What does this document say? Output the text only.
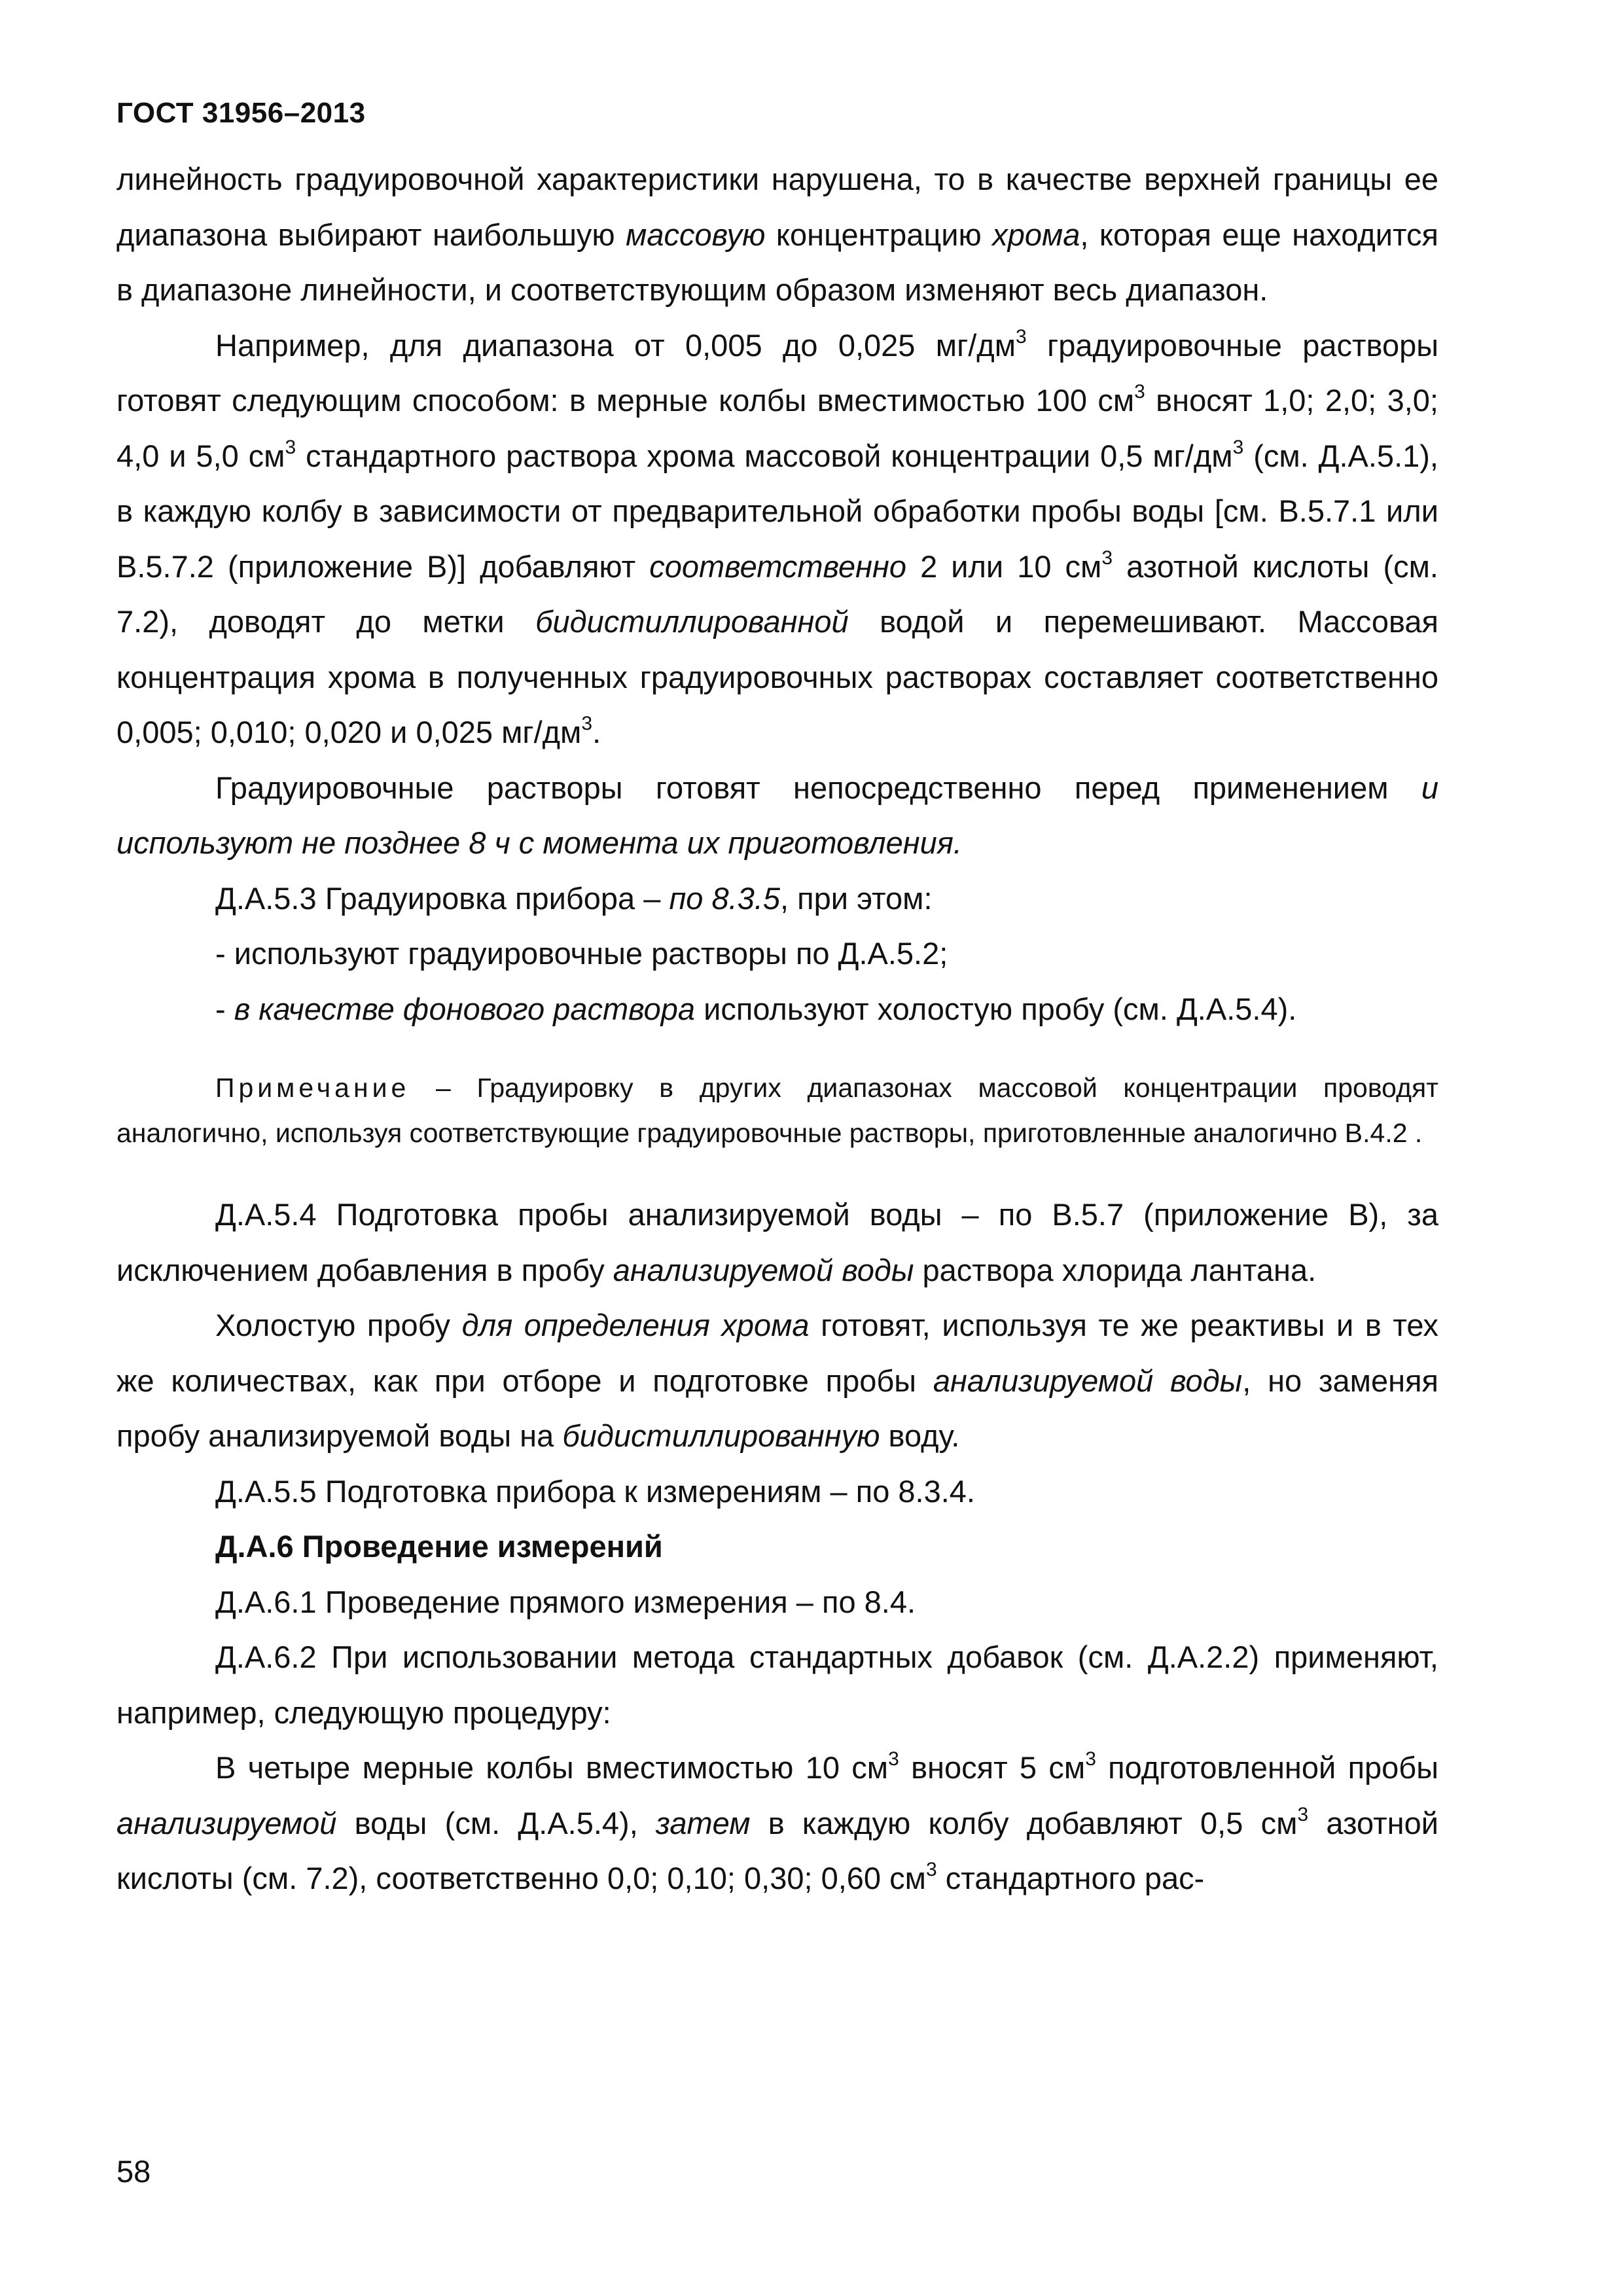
ГОСТ 31956–2013

линейность градуировочной характеристики нарушена, то в качестве верхней границы ее диапазона выбирают наибольшую массовую концентрацию хрома, которая еще находится в диапазоне линейности, и соответствующим образом изменяют весь диапазон.

Например, для диапазона от 0,005 до 0,025 $мг/дм^3$ градуировочные растворы готовят следующим способом: в мерные колбы вместимостью 100 $см^3$ вносят 1,0; 2,0; 3,0; 4,0 и 5,0 $см^3$ стандартного раствора хрома массовой концентрации 0,5 $мг/дм^3$ (см. Д.А.5.1), в каждую колбу в зависимости от предварительной обработки пробы воды [см. В.5.7.1 или В.5.7.2 (приложение В)] добавляют соответственно 2 или 10 $см^3$ азотной кислоты (см. 7.2), доводят до метки бидистиллированной водой и перемешивают. Массовая концентрация хрома в полученных градуировочных растворах составляет соответственно 0,005; 0,010; 0,020 и 0,025 $мг/дм^3$.

Градуировочные растворы готовят непосредственно перед применением и используют не позднее 8 ч с момента их приготовления.

Д.А.5.3 Градуировка прибора – по 8.3.5, при этом:

- используют градуировочные растворы по Д.А.5.2;

- в качестве фонового раствора используют холостую пробу (см. Д.А.5.4).

Примечание – Градуировку в других диапазонах массовой концентрации проводят аналогично, используя соответствующие градуировочные растворы, приготовленные аналогично В.4.2 .

Д.А.5.4 Подготовка пробы анализируемой воды – по В.5.7 (приложение В), за исключением добавления в пробу анализируемой воды раствора хлорида лантана.

Холостую пробу для определения хрома готовят, используя те же реактивы и в тех же количествах, как при отборе и подготовке пробы анализируемой воды, но заменяя пробу анализируемой воды на бидистиллированную воду.

Д.А.5.5 Подготовка прибора к измерениям – по 8.3.4.

Д.А.6 Проведение измерений

Д.А.6.1 Проведение прямого измерения – по 8.4.

Д.А.6.2 При использовании метода стандартных добавок (см. Д.А.2.2) применяют, например, следующую процедуру:

В четыре мерные колбы вместимостью 10 $см^3$ вносят 5 $см^3$ подготовленной пробы анализируемой воды (см. Д.А.5.4), затем в каждую колбу добавляют 0,5 $см^3$ азотной кислоты (см. 7.2), соответственно 0,0; 0,10; 0,30; 0,60 $см^3$ стандартного рас-

58
